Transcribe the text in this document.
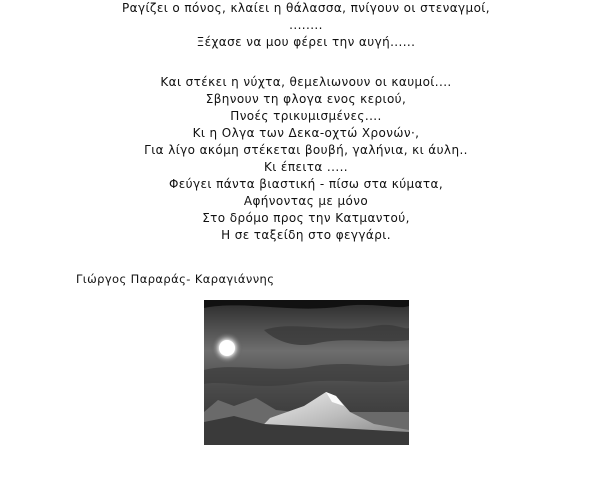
Ραγίζει ο πόνος, κλαίει η θάλασσα, πνίγουν οι στεναγμοί,
........
Ξέχασε να μου φέρει την αυγή......
Και στέκει η νύχτα, θεμελιωνουν οι καυμοί....
Σβηνουν τη φλογα ενος κεριού,
Πνοές τρικυμισμένες....
Κι η Ολγα των Δεκα-οχτώ Χρονών·,
Για λίγο ακόμη στέκεται βουβή, γαλήνια, κι άυλη..
Κι έπειτα .....
Φεύγει πάντα βιαστική - πίσω στα κύματα,
Αφήνοντας με μόνο
Στο δρόμο προς την Κατμαντού,
Η σε ταξείδη στο φεγγάρι.
Γιώργος Παραράς- Καραγιάννης
